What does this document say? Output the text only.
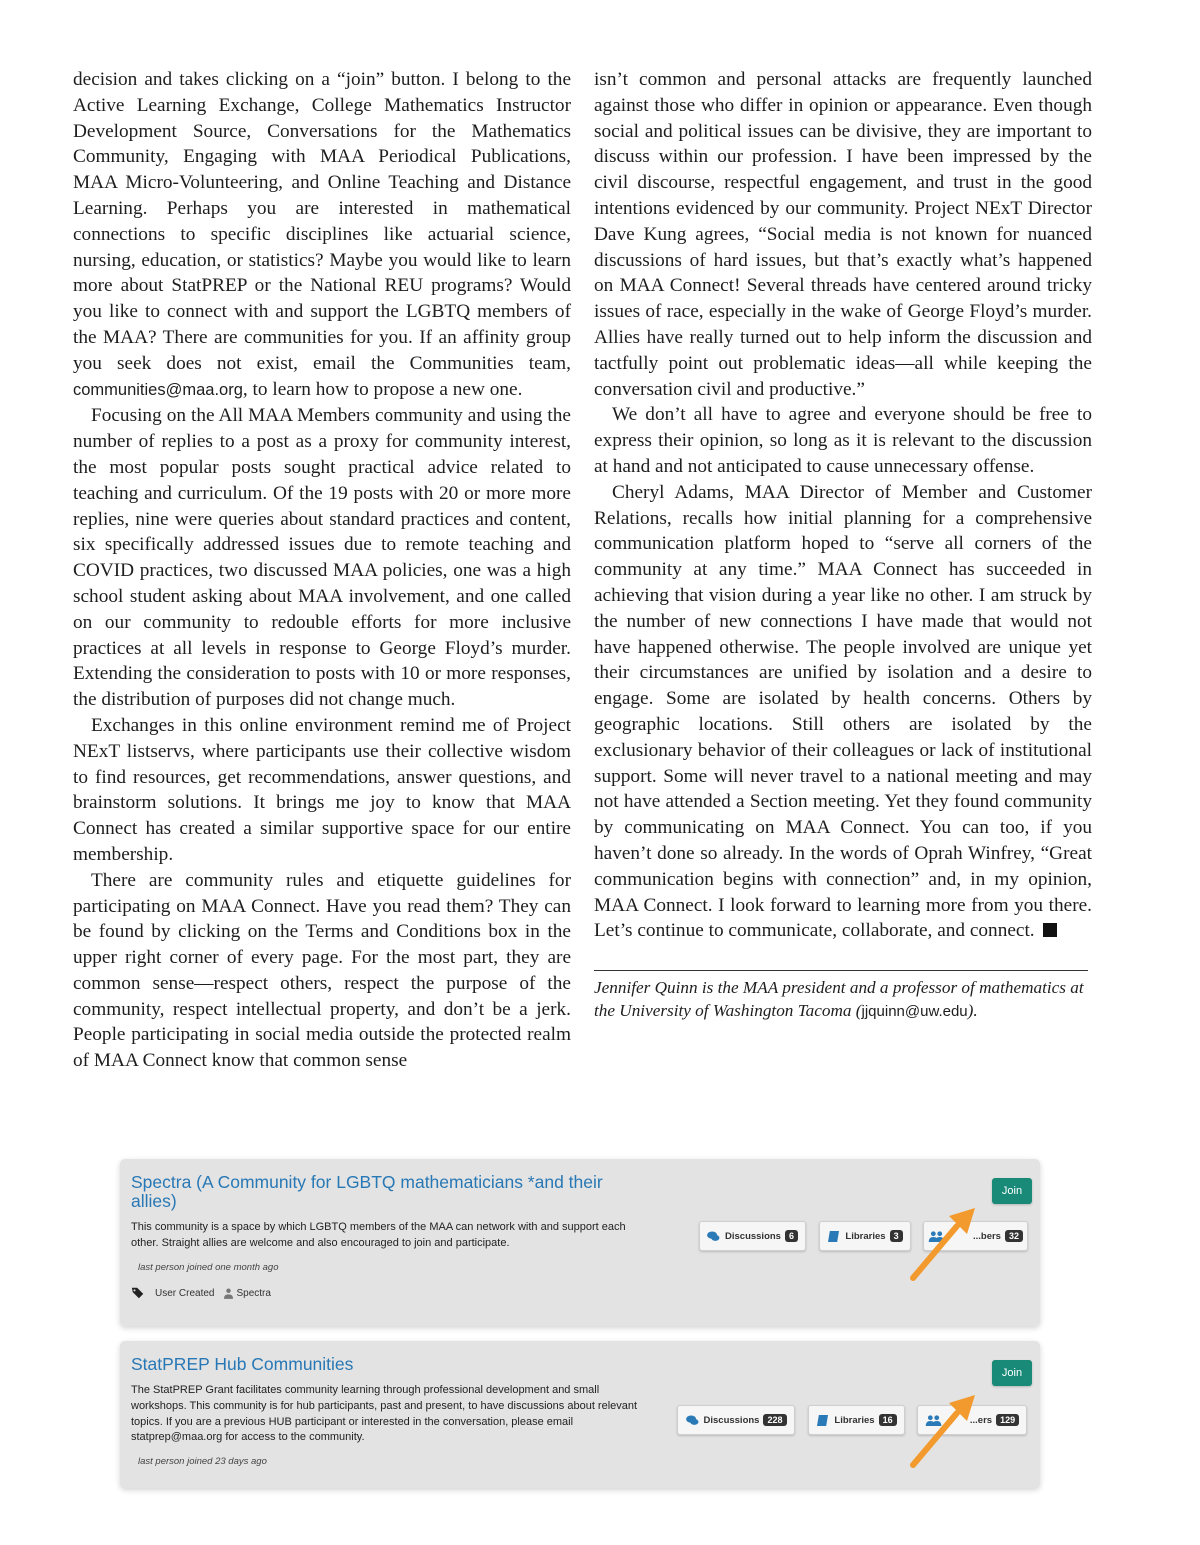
decision and takes clicking on a “join” button. I belong to the Active Learning Exchange, College Mathematics Instructor Development Source, Conversations for the Mathematics Community, Engaging with MAA Periodical Publications, MAA Micro-Volunteering, and Online Teaching and Distance Learning. Perhaps you are interested in mathematical connections to specific disciplines like actuarial science, nursing, education, or statistics? Maybe you would like to learn more about StatPREP or the National REU programs? Would you like to connect with and support the LGBTQ members of the MAA? There are communities for you. If an affinity group you seek does not exist, email the Communities team, communities@maa.org, to learn how to propose a new one.

Focusing on the All MAA Members community and using the number of replies to a post as a proxy for community interest, the most popular posts sought practical advice related to teaching and curriculum. Of the 19 posts with 20 or more more replies, nine were queries about standard practices and content, six specifically addressed issues due to remote teaching and COVID practices, two discussed MAA policies, one was a high school student asking about MAA involvement, and one called on our community to redouble efforts for more inclusive practices at all levels in response to George Floyd’s murder. Extending the consideration to posts with 10 or more responses, the distribution of purposes did not change much.

Exchanges in this online environment remind me of Project NExT listservs, where participants use their collective wisdom to find resources, get recommendations, answer questions, and brainstorm solutions. It brings me joy to know that MAA Connect has created a similar supportive space for our entire membership.

There are community rules and etiquette guidelines for participating on MAA Connect. Have you read them? They can be found by clicking on the Terms and Conditions box in the upper right corner of every page. For the most part, they are common sense—respect others, respect the purpose of the community, respect intellectual property, and don’t be a jerk. People participating in social media outside the protected realm of MAA Connect know that common sense

isn’t common and personal attacks are frequently launched against those who differ in opinion or appearance. Even though social and political issues can be divisive, they are important to discuss within our profession. I have been impressed by the civil discourse, respectful engagement, and trust in the good intentions evidenced by our community. Project NExT Director Dave Kung agrees, “Social media is not known for nuanced discussions of hard issues, but that’s exactly what’s happened on MAA Connect! Several threads have centered around tricky issues of race, especially in the wake of George Floyd’s murder. Allies have really turned out to help inform the discussion and tactfully point out problematic ideas—all while keeping the conversation civil and productive.”

We don’t all have to agree and everyone should be free to express their opinion, so long as it is relevant to the discussion at hand and not anticipated to cause unnecessary offense.

Cheryl Adams, MAA Director of Member and Customer Relations, recalls how initial planning for a comprehensive communication platform hoped to “serve all corners of the community at any time.” MAA Connect has succeeded in achieving that vision during a year like no other. I am struck by the number of new connections I have made that would not have happened otherwise. The people involved are unique yet their circumstances are unified by isolation and a desire to engage. Some are isolated by health concerns. Others by geographic locations. Still others are isolated by the exclusionary behavior of their colleagues or lack of institutional support. Some will never travel to a national meeting and may not have attended a Section meeting. Yet they found community by communicating on MAA Connect. You can too, if you haven’t done so already. In the words of Oprah Winfrey, “Great communication begins with connection” and, in my opinion, MAA Connect. I look forward to learning more from you there. Let’s continue to communicate, collaborate, and connect.

Jennifer Quinn is the MAA president and a professor of mathematics at the University of Washington Tacoma (jjquinn@uw.edu).

Spectra (A Community for LGBTQ mathematicians *and their allies)
This community is a space by which LGBTQ members of the MAA can network with and support each other. Straight allies are welcome and also encouraged to join and participate.
last person joined one month ago
User Created Spectra
Join
Discussions 6	Libraries 3	...bers 32
StatPREP Hub Communities
The StatPREP Grant facilitates community learning through professional development and small workshops. This community is for hub participants, past and present, to have discussions about relevant topics. If you are a previous HUB participant or interested in the conversation, please email statprep@maa.org for access to the community.
last person joined 23 days ago
Join
Discussions 228	Libraries 16	...ers 129
